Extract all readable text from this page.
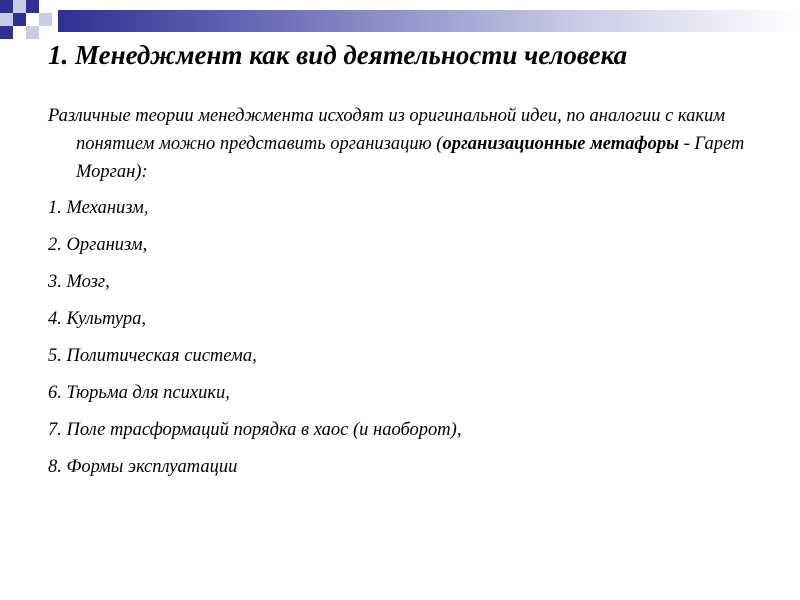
1. Менеджмент как вид деятельности человека

Различные теории менеджмента исходят из оригинальной идеи, по аналогии с каким понятием можно представить организацию (организационные метафоры - Гарет Морган):

1. Механизм,
2. Организм,
3. Мозг,
4. Культура,
5. Политическая система,
6. Тюрьма для психики,
7. Поле трасформаций порядка в хаос (и наоборот),
8. Формы эксплуатации
